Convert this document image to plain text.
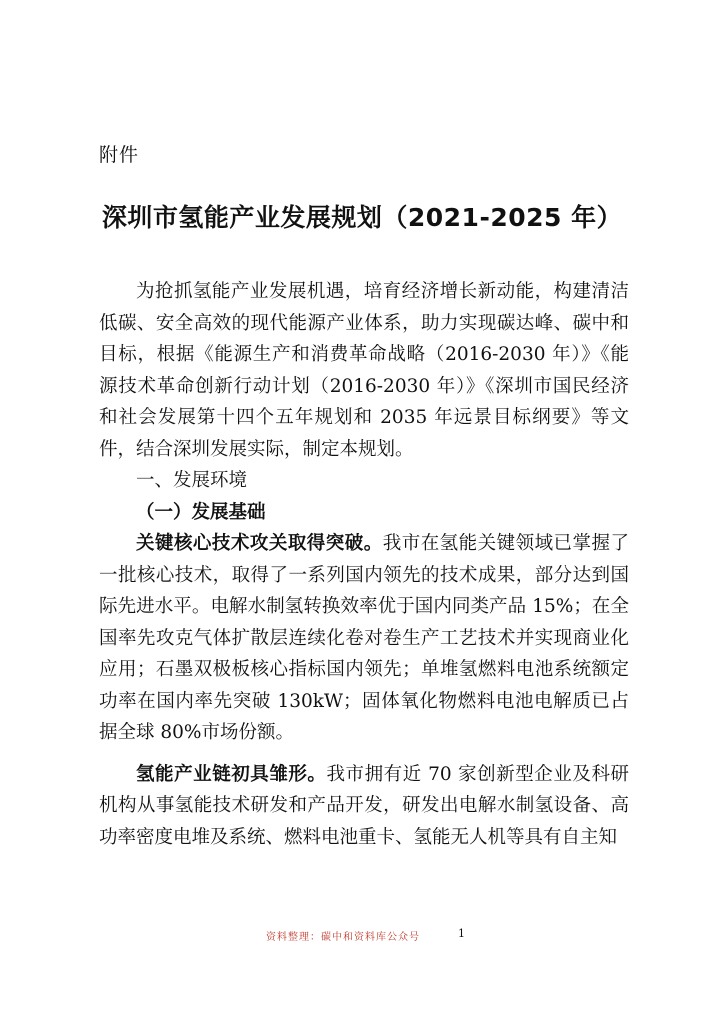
附件
深圳市氢能产业发展规划（2021-2025 年）

为抢抓氢能产业发展机遇，培育经济增长新动能，构建清洁低碳、安全高效的现代能源产业体系，助力实现碳达峰、碳中和目标，根据《能源生产和消费革命战略（2016-2030 年）》《能源技术革命创新行动计划（2016-2030 年）》《深圳市国民经济和社会发展第十四个五年规划和 2035 年远景目标纲要》等文件，结合深圳发展实际，制定本规划。

一、发展环境

（一）发展基础

关键核心技术攻关取得突破。我市在氢能关键领域已掌握了一批核心技术，取得了一系列国内领先的技术成果，部分达到国际先进水平。电解水制氢转换效率优于国内同类产品 15%；在全国率先攻克气体扩散层连续化卷对卷生产工艺技术并实现商业化应用；石墨双极板核心指标国内领先；单堆氢燃料电池系统额定功率在国内率先突破 130kW；固体氧化物燃料电池电解质已占据全球 80%市场份额。

氢能产业链初具雏形。我市拥有近 70 家创新型企业及科研机构从事氢能技术研发和产品开发，研发出电解水制氢设备、高功率密度电堆及系统、燃料电池重卡、氢能无人机等具有自主知

资料整理：碳中和资料库公众号	1
